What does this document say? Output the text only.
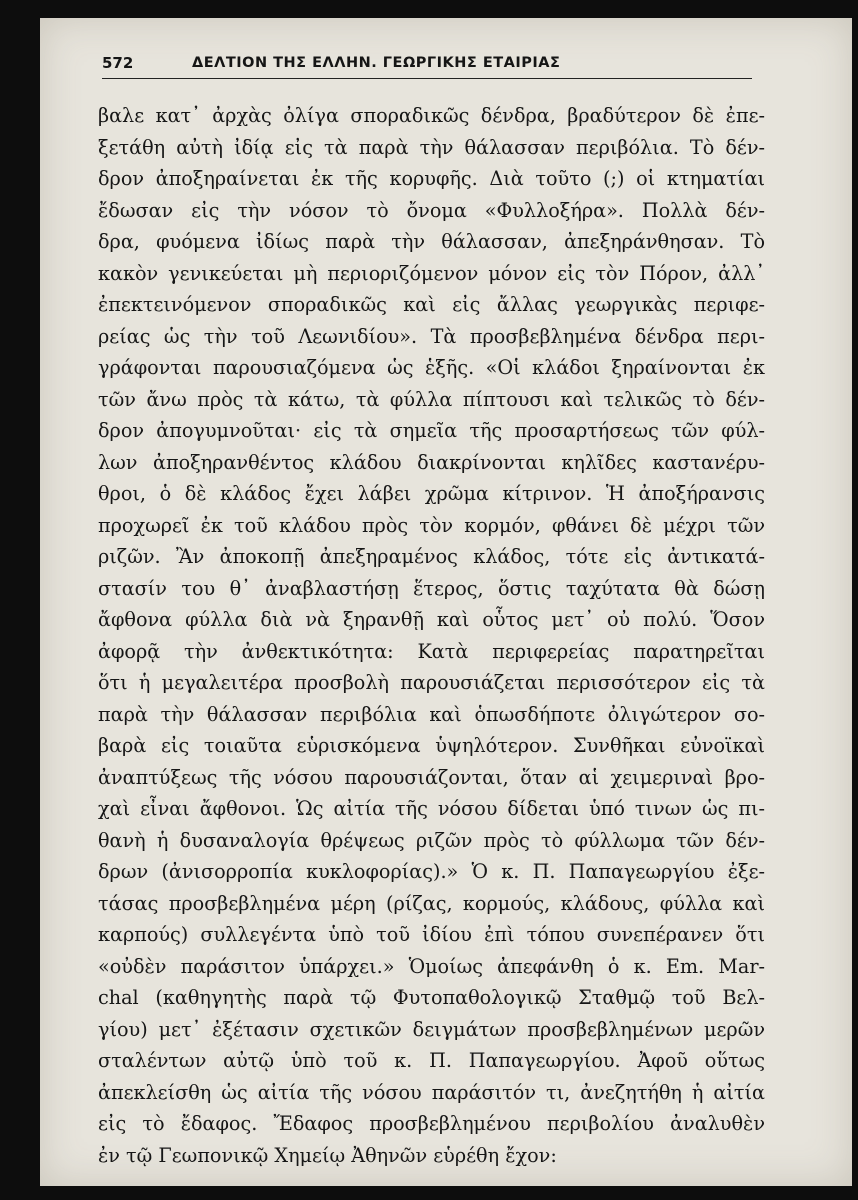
572	ΔΕΛΤΙΟΝ ΤΗΣ ΕΛΛΗΝ. ΓΕΩΡΓΙΚΗΣ ΕΤΑΙΡΙΑΣ
βαλε κατ᾿ ἀρχὰς ὀλίγα σποραδικῶς δένδρα, βραδύτερον δὲ ἐπε-
ξετάθη αὐτὴ ἰδίᾳ εἰς τὰ παρὰ τὴν θάλασσαν περιβόλια. Τὸ δέν-
δρον ἀποξηραίνεται ἐκ τῆς κορυφῆς. Διὰ τοῦτο (;) οἱ κτηματίαι
ἔδωσαν εἰς τὴν νόσον τὸ ὄνομα «Φυλλοξήρα». Πολλὰ δέν-
δρα, φυόμενα ἰδίως παρὰ τὴν θάλασσαν, ἀπεξηράνθησαν. Τὸ
κακὸν γενικεύεται μὴ περιοριζόμενον μόνον εἰς τὸν Πόρον, ἀλλ᾿
ἐπεκτεινόμενον σποραδικῶς καὶ εἰς ἄλλας γεωργικὰς περιφε-
ρείας ὡς τὴν τοῦ Λεωνιδίου». Τὰ προσβεβλημένα δένδρα περι-
γράφονται παρουσιαζόμενα ὡς ἑξῆς. «Οἱ κλάδοι ξηραίνονται ἐκ
τῶν ἄνω πρὸς τὰ κάτω, τὰ φύλλα πίπτουσι καὶ τελικῶς τὸ δέν-
δρον ἀπογυμνοῦται· εἰς τὰ σημεῖα τῆς προσαρτήσεως τῶν φύλ-
λων ἀποξηρανθέντος κλάδου διακρίνονται κηλῖδες καστανέρυ-
θροι, ὁ δὲ κλάδος ἔχει λάβει χρῶμα κίτρινον. Ἡ ἀποξήρανσις
προχωρεῖ ἐκ τοῦ κλάδου πρὸς τὸν κορμόν, φθάνει δὲ μέχρι τῶν
ριζῶν. Ἂν ἀποκοπῇ ἀπεξηραμένος κλάδος, τότε εἰς ἀντικατά-
στασίν του θ᾿ ἀναβλαστήσῃ ἕτερος, ὅστις ταχύτατα θὰ δώσῃ
ἄφθονα φύλλα διὰ νὰ ξηρανθῇ καὶ οὗτος μετ᾿ οὐ πολύ. Ὅσον
ἀφορᾷ τὴν ἀνθεκτικότητα: Κατὰ περιφερείας παρατηρεῖται
ὅτι ἡ μεγαλειτέρα προσβολὴ παρουσιάζεται περισσότερον εἰς τὰ
παρὰ τὴν θάλασσαν περιβόλια καὶ ὁπωσδήποτε ὀλιγώτερον σο-
βαρὰ εἰς τοιαῦτα εὑρισκόμενα ὑψηλότερον. Συνθῆκαι εὐνοϊκαὶ
ἀναπτύξεως τῆς νόσου παρουσιάζονται, ὅταν αἱ χειμεριναὶ βρο-
χαὶ εἶναι ἄφθονοι. Ὡς αἰτία τῆς νόσου δίδεται ὑπό τινων ὡς πι-
θανὴ ἡ δυσαναλογία θρέψεως ριζῶν πρὸς τὸ φύλλωμα τῶν δέν-
δρων (ἀνισορροπία κυκλοφορίας).» Ὁ κ. Π. Παπαγεωργίου ἐξε-
τάσας προσβεβλημένα μέρη (ρίζας, κορμούς, κλάδους, φύλλα καὶ
καρπούς) συλλεγέντα ὑπὸ τοῦ ἰδίου ἐπὶ τόπου συνεπέρανεν ὅτι
«οὐδὲν παράσιτον ὑπάρχει.» Ὁμοίως ἀπεφάνθη ὁ κ. Em. Mar-
chal (καθηγητὴς παρὰ τῷ Φυτοπαθολογικῷ Σταθμῷ τοῦ Βελ-
γίου) μετ᾿ ἐξέτασιν σχετικῶν δειγμάτων προσβεβλημένων μερῶν
σταλέντων αὐτῷ ὑπὸ τοῦ κ. Π. Παπαγεωργίου. Ἀφοῦ οὕτως
ἀπεκλείσθη ὡς αἰτία τῆς νόσου παράσιτόν τι, ἀνεζητήθη ἡ αἰτία
εἰς τὸ ἔδαφος. Ἔδαφος προσβεβλημένου περιβολίου ἀναλυθὲν
ἐν τῷ Γεωπονικῷ Χημείῳ Ἀθηνῶν εὑρέθη ἔχον:
